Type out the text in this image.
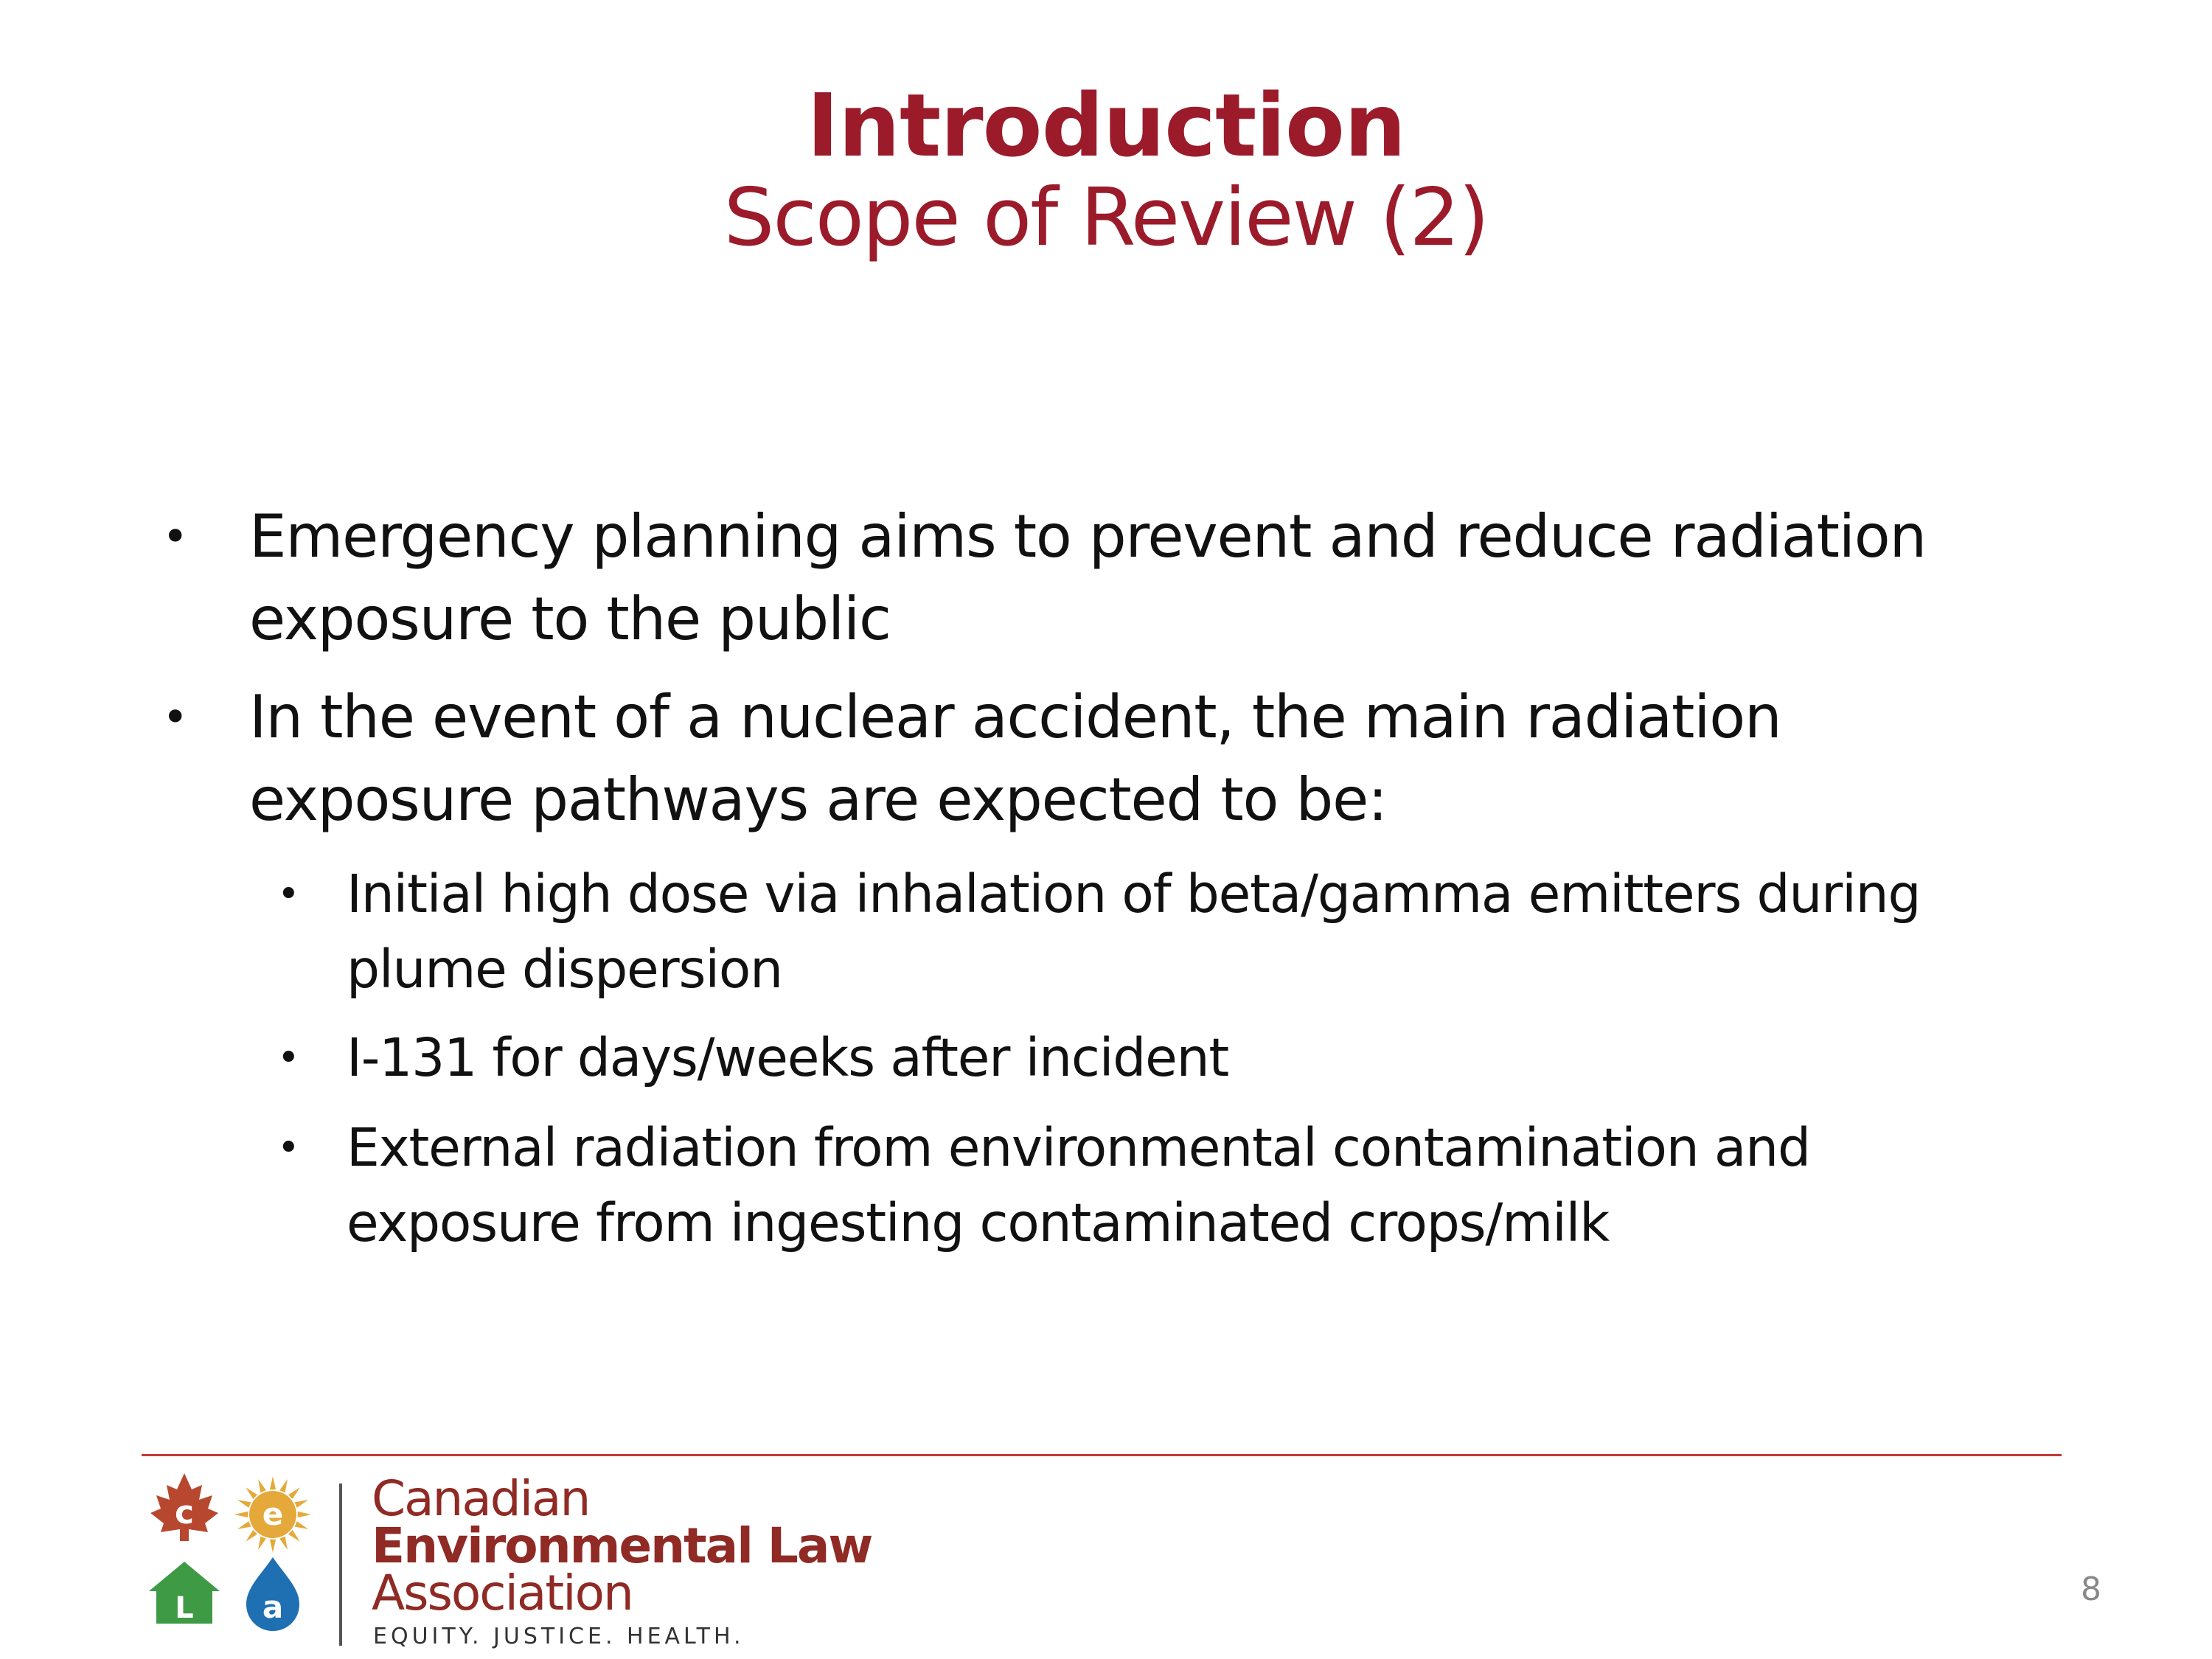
Introduction
Scope of Review (2)
• Emergency planning aims to prevent and reduce radiation
exposure to the public
• In the event of a nuclear accident, the main radiation
exposure pathways are expected to be:
• Initial high dose via inhalation of beta/gamma emitters during
plume dispersion
• I-131 for days/weeks after incident
• External radiation from environmental contamination and
exposure from ingesting contaminated crops/milk
c e
L a
Canadian
Environmental Law
Association
EQUITY. JUSTICE. HEALTH.
8
